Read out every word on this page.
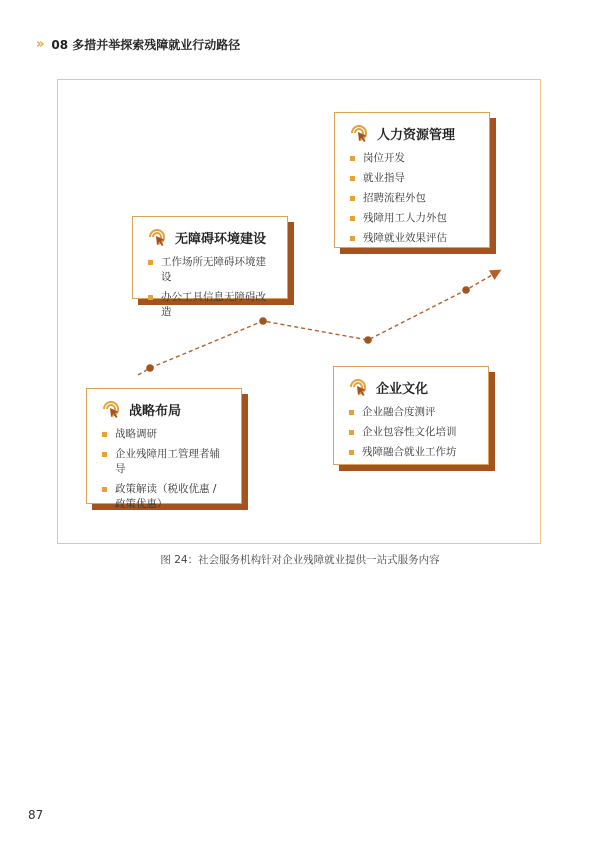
» 08 多措并举探索残障就业行动路径
战略布局
战略调研
企业残障用工管理者辅导
政策解读（税收优惠 / 政策优惠）
无障碍环境建设
工作场所无障碍环境建设
办公工具信息无障碍改造
企业文化
企业融合度测评
企业包容性文化培训
残障融合就业工作坊
人力资源管理
岗位开发
就业指导
招聘流程外包
残障用工人力外包
残障就业效果评估
图 24：社会服务机构针对企业残障就业提供一站式服务内容
87
